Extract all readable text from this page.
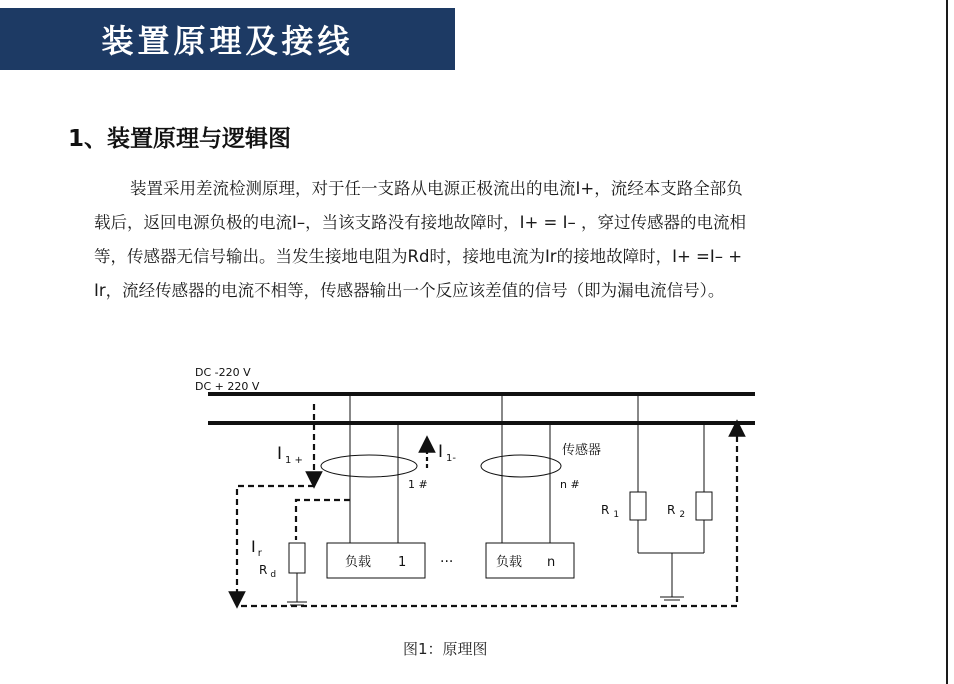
装置原理及接线
1、装置原理与逻辑图

装置采用差流检测原理，对于任一支路从电源正极流出的电流I+，流经本支路全部负

载后，返回电源负极的电流I–，当该支路没有接地故障时，I+ = I– ，穿过传感器的电流相

等，传感器无信号输出。当发生接地电阻为Rd时，接地电流为Ir的接地故障时，I+ =I– +

Ir，流经传感器的电流不相等，传感器输出一个反应该差值的信号（即为漏电流信号）。

DC -220 V
DC + 220 V
负载 1	负载 n
...
传感器
1 #	n #
I $_{1 +}$	I $_{1-}$
I $_r$
R $_d$
R $_1$	R $_2$
图1：原理图
